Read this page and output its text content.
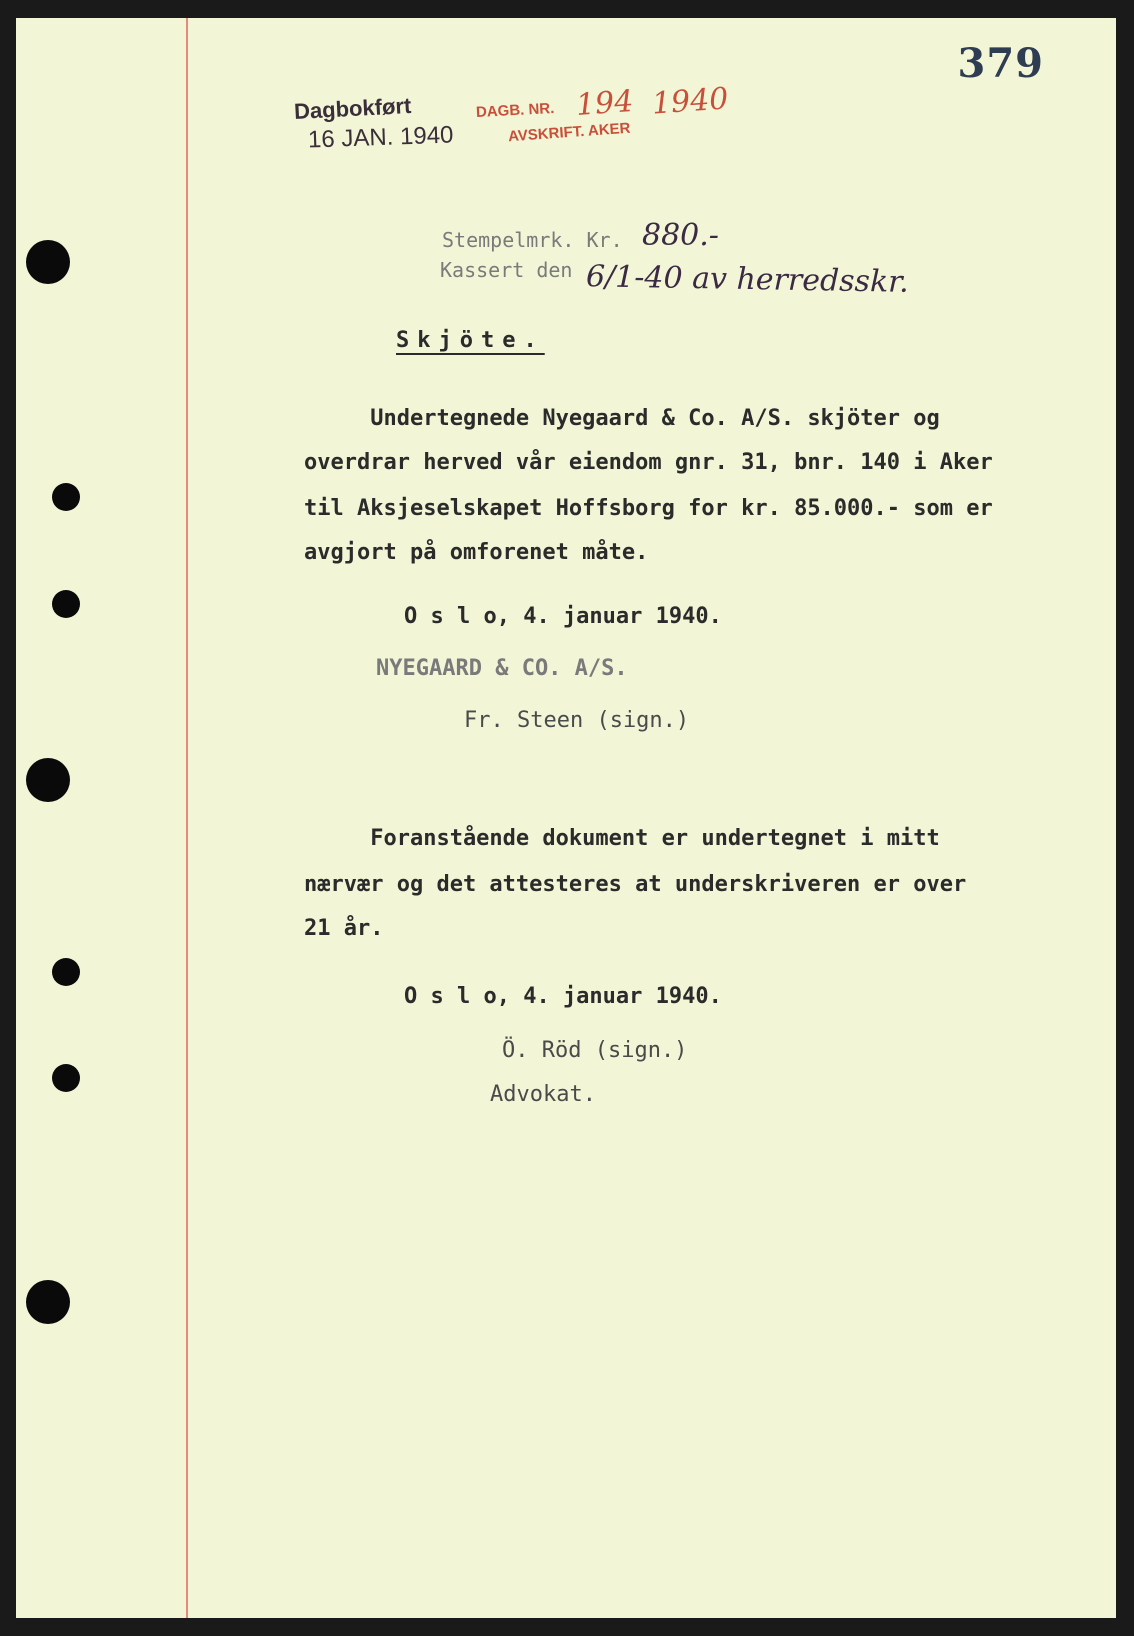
379
Dagbokført
16 JAN. 1940
DAGB. NR. 194 1940
AVSKRIFT. AKER
Stempelmrk. Kr. 880.-
Kassert den 6/1-40 av herredsskr.
Skjöte.
Undertegnede Nyegaard & Co. A/S. skjöter og
overdrar herved vår eiendom gnr. 31, bnr. 140 i Aker
til Aksjeselskapet Hoffsborg for kr. 85.000.- som er
avgjort på omforenet måte.
O s l o, 4. januar 1940.
NYEGAARD & CO. A/S.
Fr. Steen (sign.)
Foranstående dokument er undertegnet i mitt
nærvær og det attesteres at underskriveren er over
21 år.
O s l o, 4. januar 1940.
Ö. Röd (sign.)
Advokat.
